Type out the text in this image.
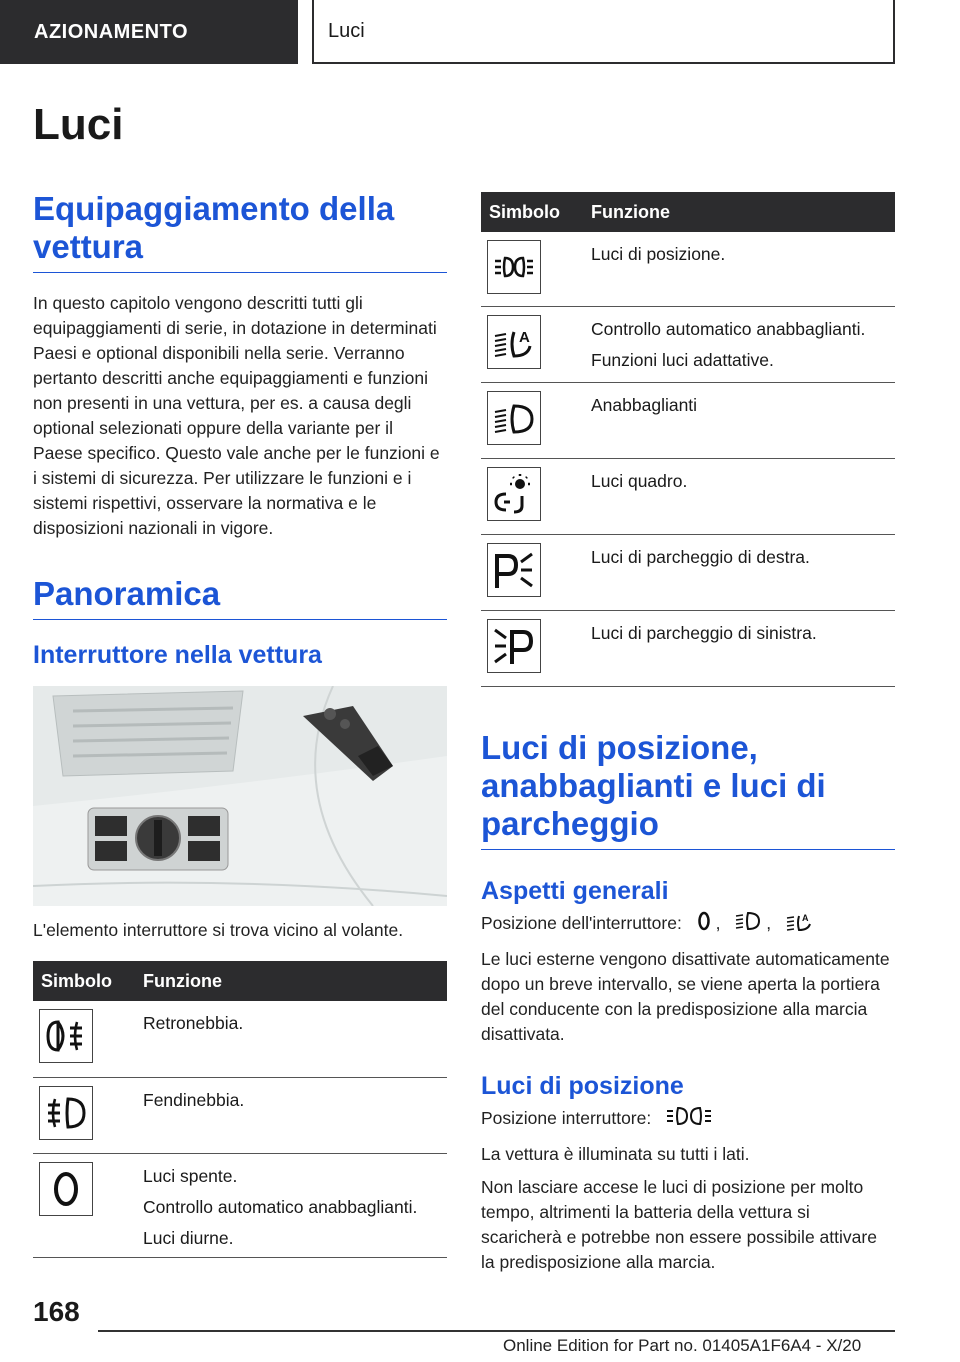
AZIONAMENTO	Luci
Luci
Equipaggiamento della vettura

In questo capitolo vengono descritti tutti gli equipaggiamenti di serie, in dotazione in determinati Paesi e optional disponibili nella serie. Verranno pertanto descritti anche equipaggiamenti e funzioni non presenti in una vettura, per es. a causa degli optional selezionati oppure della variante per il Paese specifico. Questo vale anche per le funzioni e i sistemi di sicurezza. Per utilizzare le funzioni e i sistemi rispettivi, osservare la normativa e le disposizioni nazionali in vigore.

Panoramica
Interruttore nella vettura

L'elemento interruttore si trova vicino al volante.

Simbolo	Funzione

Retronebbia.

Fendinebbia.

Luci spente.
Controllo automatico anabbaglianti.
Luci diurne.
Simbolo	Funzione

Luci di posizione.

A	Controllo automatico anabbaglianti.
Funzioni luci adattative.

Anabbaglianti

Luci quadro.

Luci di parcheggio di destra.

Luci di parcheggio di sinistra.
Luci di posizione, anabbaglianti e luci di parcheggio
Aspetti generali

Posizione dell'interruttore: ,	,	A

Le luci esterne vengono disattivate automaticamente dopo un breve intervallo, se viene aperta la portiera del conducente con la predisposizione alla marcia disattivata.

Luci di posizione

Posizione interruttore:

La vettura è illuminata su tutti i lati.

Non lasciare accese le luci di posizione per molto tempo, altrimenti la batteria della vettura si scaricherà e potrebbe non essere possibile attivare la predisposizione alla marcia.

168
Online Edition for Part no. 01405A1F6A4 - X/20
